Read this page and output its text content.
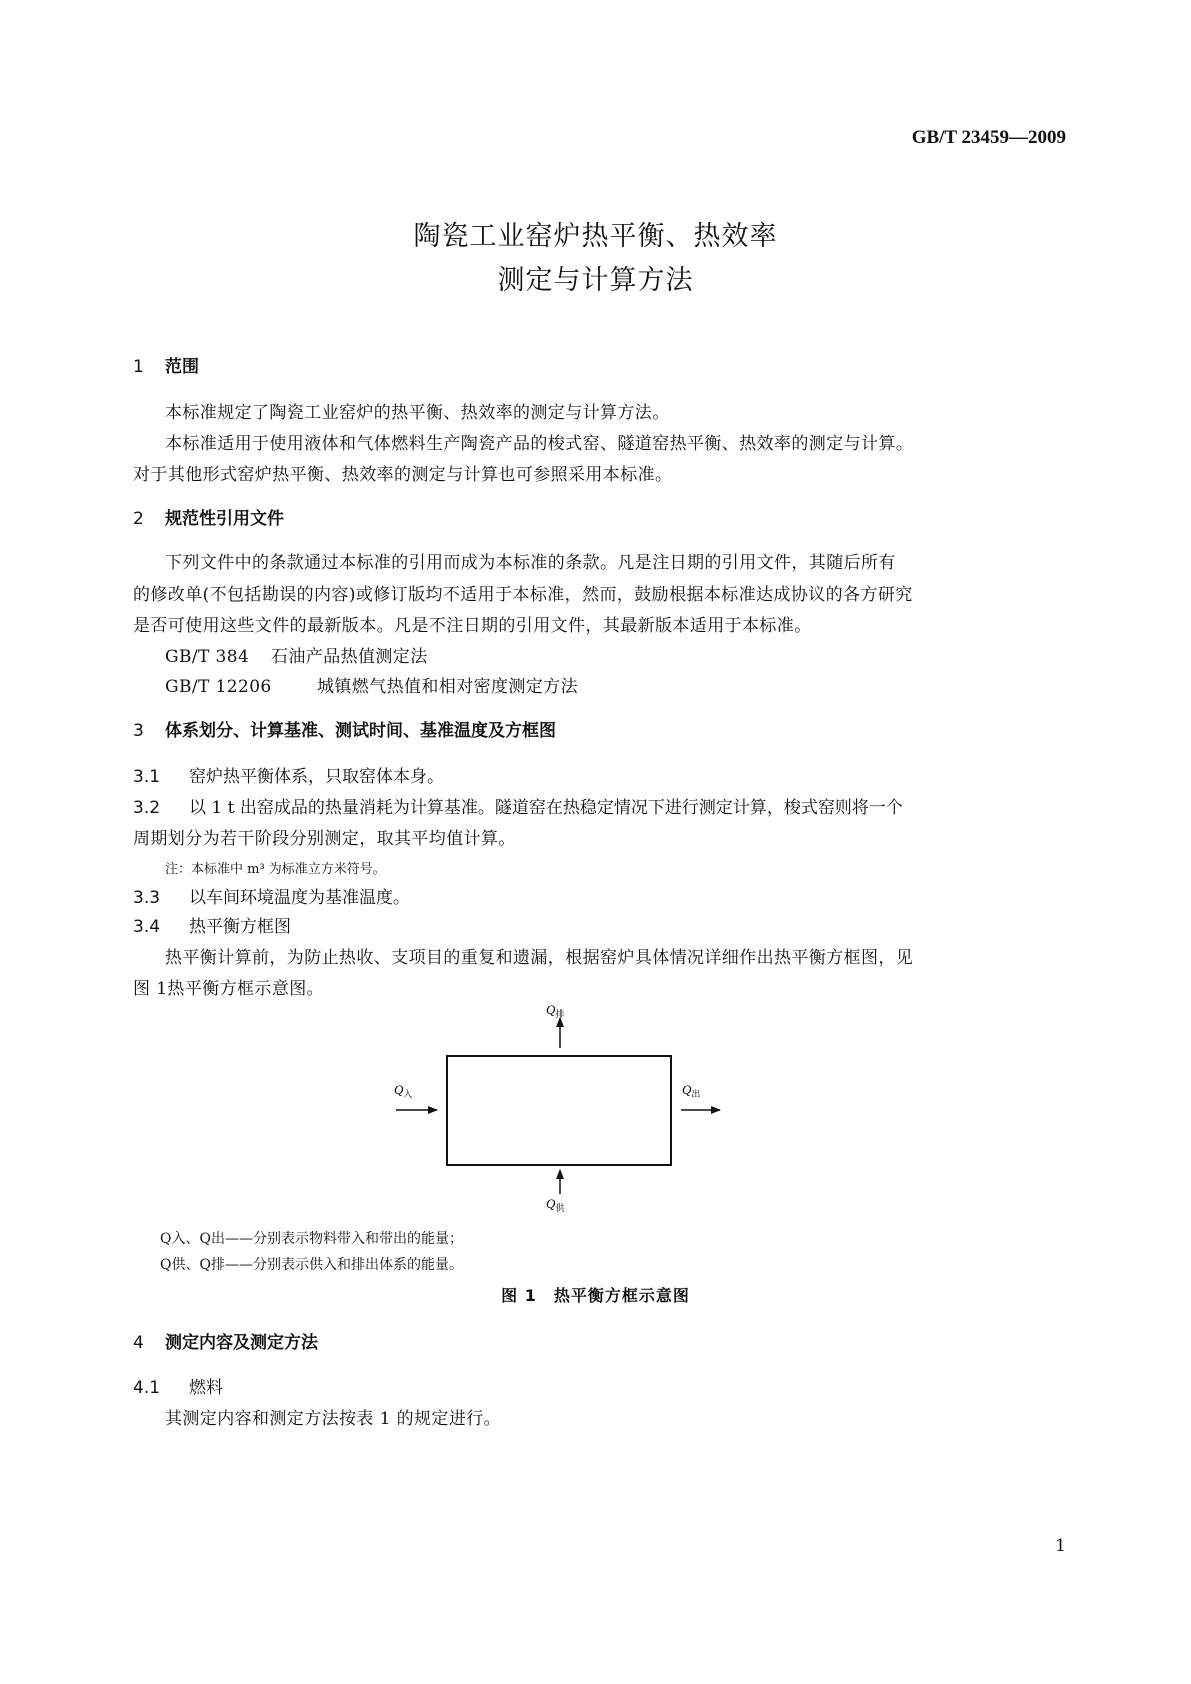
GB/T 23459—2009
陶瓷工业窑炉热平衡、热效率
测定与计算方法
1 范围
本标准规定了陶瓷工业窑炉的热平衡、热效率的测定与计算方法。
本标准适用于使用液体和气体燃料生产陶瓷产品的梭式窑、隧道窑热平衡、热效率的测定与计算。
对于其他形式窑炉热平衡、热效率的测定与计算也可参照采用本标准。
2 规范性引用文件
下列文件中的条款通过本标准的引用而成为本标准的条款。凡是注日期的引用文件，其随后所有
的修改单(不包括勘误的内容)或修订版均不适用于本标准，然而，鼓励根据本标准达成协议的各方研究
是否可使用这些文件的最新版本。凡是不注日期的引用文件，其最新版本适用于本标准。
GB/T 384 石油产品热值测定法
GB/T 12206	城镇燃气热值和相对密度测定方法
3 体系划分、计算基准、测试时间、基准温度及方框图
3.1 窑炉热平衡体系，只取窑体本身。
3.2 以 1 t 出窑成品的热量消耗为计算基准。隧道窑在热稳定情况下进行测定计算，梭式窑则将一个
周期划分为若干阶段分别测定，取其平均值计算。
注：本标准中 m³ 为标准立方米符号。
3.3 以车间环境温度为基准温度。
3.4 热平衡方框图
热平衡计算前，为防止热收、支项目的重复和遗漏，根据窑炉具体情况详细作出热平衡方框图，见
图 1热平衡方框示意图。
$Q_排$
$Q_入$	$Q_出$
$Q_供$
Q入、Q出——分别表示物料带入和带出的能量；
Q供、Q排——分别表示供入和排出体系的能量。
图 1　热平衡方框示意图
4 测定内容及测定方法
4.1 燃料
其测定内容和测定方法按表 1 的规定进行。
1
